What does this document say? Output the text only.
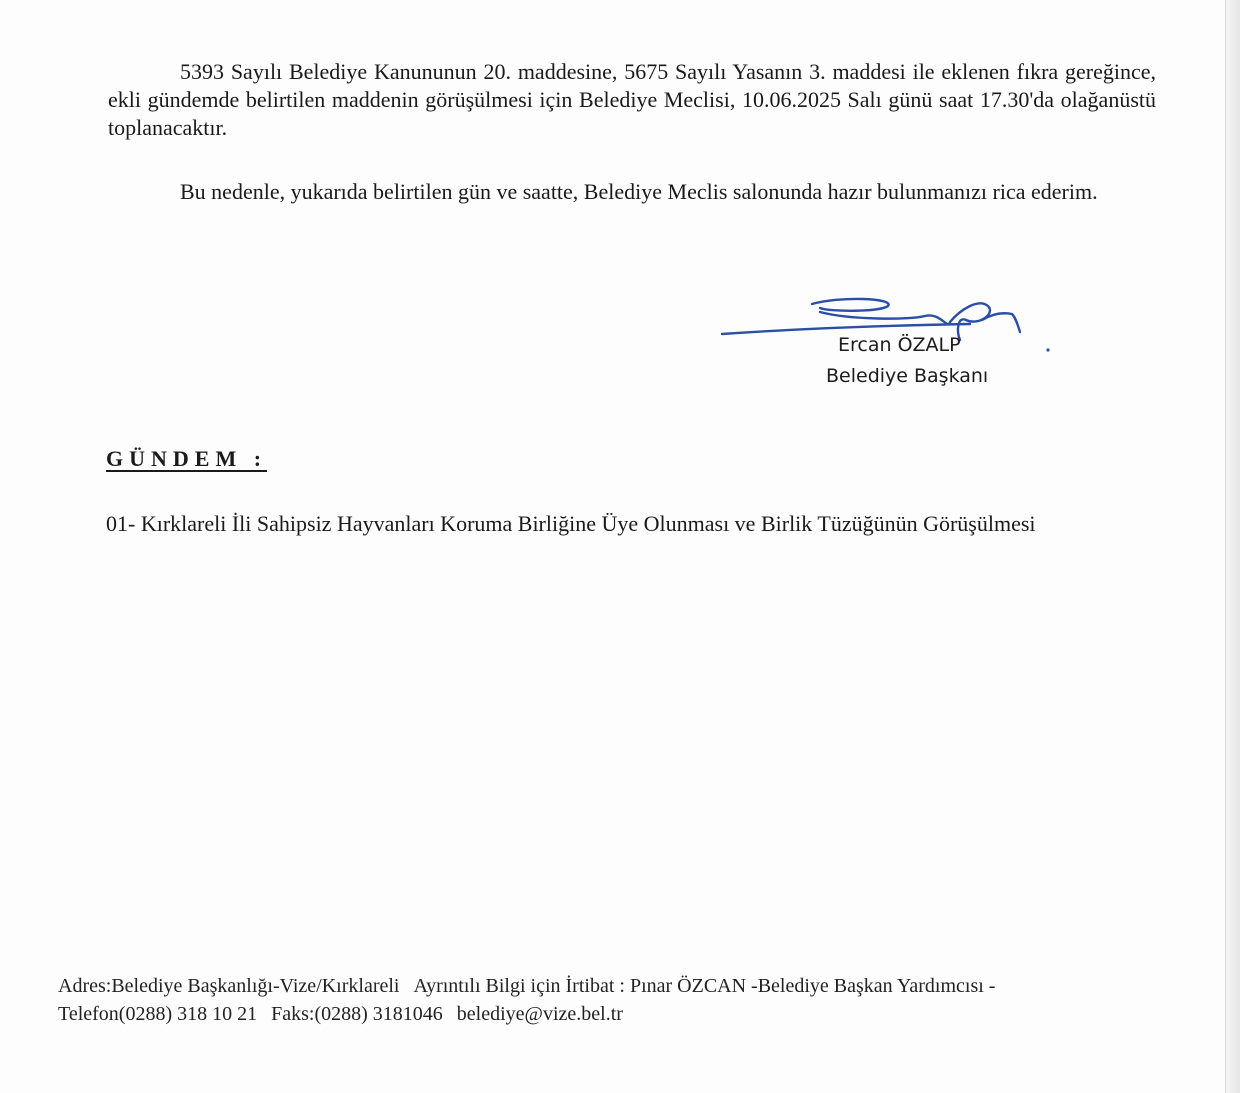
5393 Sayılı Belediye Kanununun 20. maddesine, 5675 Sayılı Yasanın 3. maddesi ile eklenen fıkra gereğince, ekli gündemde belirtilen maddenin görüşülmesi için Belediye Meclisi, 10.06.2025 Salı günü saat 17.30'da olağanüstü toplanacaktır.
Bu nedenle, yukarıda belirtilen gün ve saatte, Belediye Meclis salonunda hazır bulunmanızı rica ederim.
Ercan ÖZALP
Belediye Başkanı
GÜNDEM :
01- Kırklareli İli Sahipsiz Hayvanları Koruma Birliğine Üye Olunması ve Birlik Tüzüğünün Görüşülmesi
Adres:Belediye Başkanlığı-Vize/Kırklareli Ayrıntılı Bilgi için İrtibat : Pınar ÖZCAN -Belediye Başkan Yardımcısı -
Telefon(0288) 318 10 21 Faks:(0288) 3181046 belediye@vize.bel.tr
